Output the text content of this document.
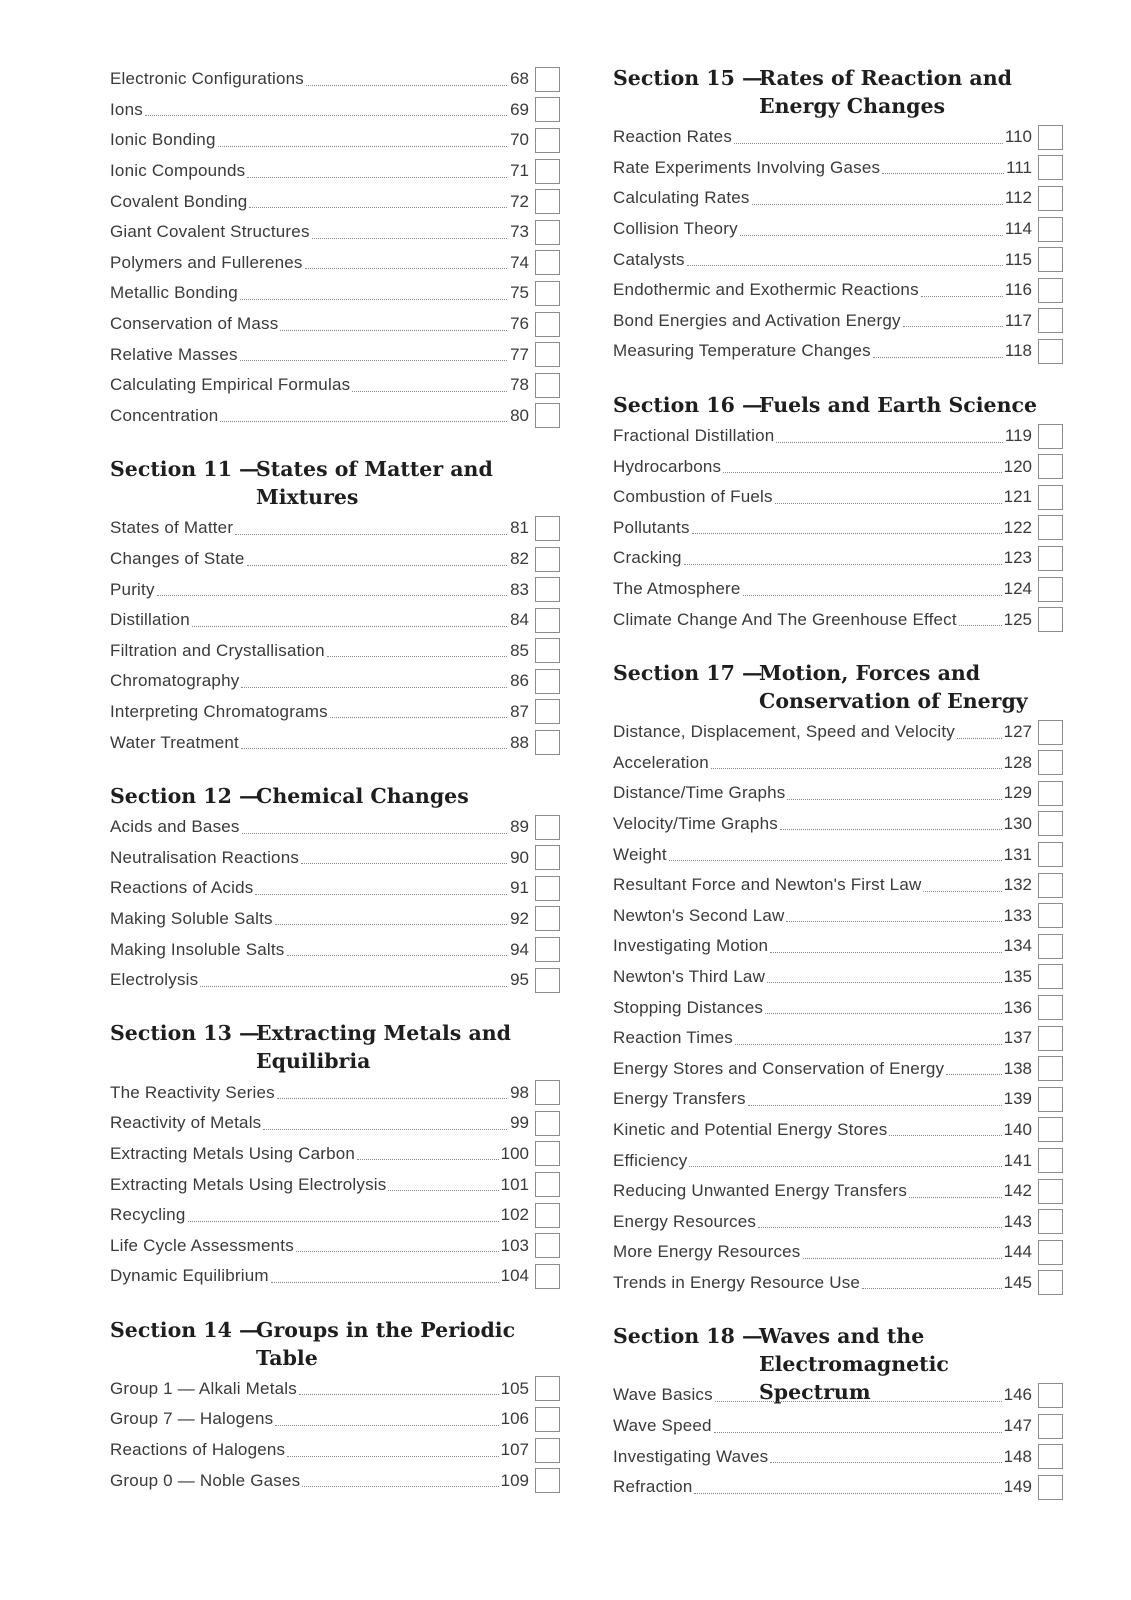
Electronic Configurations	68
Ions	69
Ionic Bonding	70
Ionic Compounds	71
Covalent Bonding	72
Giant Covalent Structures	73
Polymers and Fullerenes	74
Metallic Bonding	75
Conservation of Mass	76
Relative Masses	77
Calculating Empirical Formulas	78
Concentration	80
Section 11 —
States of Matter and
Mixtures
States of Matter	81
Changes of State	82
Purity	83
Distillation	84
Filtration and Crystallisation	85
Chromatography	86
Interpreting Chromatograms	87
Water Treatment	88
Section 12 —
Chemical Changes
Acids and Bases	89
Neutralisation Reactions	90
Reactions of Acids	91
Making Soluble Salts	92
Making Insoluble Salts	94
Electrolysis	95
Section 13 —
Extracting Metals and
Equilibria
The Reactivity Series	98
Reactivity of Metals	99
Extracting Metals Using Carbon	100
Extracting Metals Using Electrolysis	101
Recycling	102
Life Cycle Assessments	103
Dynamic Equilibrium	104
Section 14 —
Groups in the Periodic
Table
Group 1 — Alkali Metals	105
Group 7 — Halogens	106
Reactions of Halogens	107
Group 0 — Noble Gases	109
Section 15 —
Rates of Reaction and
Energy Changes
Reaction Rates	110
Rate Experiments Involving Gases	111
Calculating Rates	112
Collision Theory	114
Catalysts	115
Endothermic and Exothermic Reactions	116
Bond Energies and Activation Energy	117
Measuring Temperature Changes	118
Section 16 —
Fuels and Earth Science
Fractional Distillation	119
Hydrocarbons	120
Combustion of Fuels	121
Pollutants	122
Cracking	123
The Atmosphere	124
Climate Change And The Greenhouse Effect	125
Section 17 —
Motion, Forces and
Conservation of Energy
Distance, Displacement, Speed and Velocity	127
Acceleration	128
Distance/Time Graphs	129
Velocity/Time Graphs	130
Weight	131
Resultant Force and Newton's First Law	132
Newton's Second Law	133
Investigating Motion	134
Newton's Third Law	135
Stopping Distances	136
Reaction Times	137
Energy Stores and Conservation of Energy	138
Energy Transfers	139
Kinetic and Potential Energy Stores	140
Efficiency	141
Reducing Unwanted Energy Transfers	142
Energy Resources	143
More Energy Resources	144
Trends in Energy Resource Use	145
Section 18 —
Waves and the
Electromagnetic Spectrum
Wave Basics	146
Wave Speed	147
Investigating Waves	148
Refraction	149
